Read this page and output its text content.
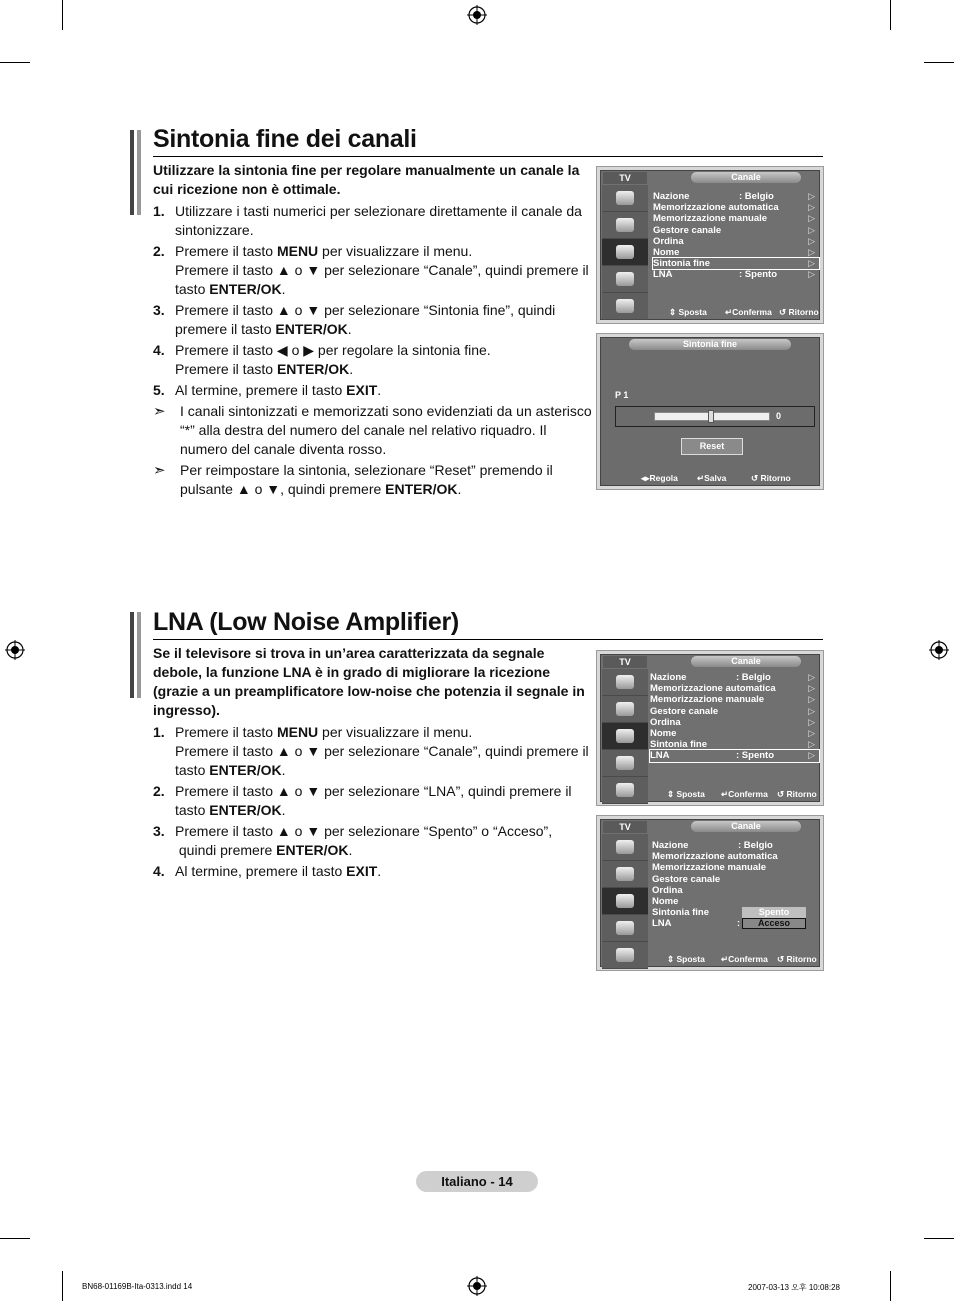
Sintonia fine dei canali

Utilizzare la sintonia fine per regolare manualmente un canale la cui ricezione non è ottimale.

1. Utilizzare i tasti numerici per selezionare direttamente il canale da sintonizzare.
2. Premere il tasto MENU per visualizzare il menu.
Premere il tasto ▲ o ▼ per selezionare “Canale”, quindi premere il tasto ENTER/OK.
3. Premere il tasto ▲ o ▼ per selezionare “Sintonia fine”, quindi premere il tasto ENTER/OK.
4. Premere il tasto ◀ o ▶ per regolare la sintonia fine.
Premere il tasto ENTER/OK.
5. Al termine, premere il tasto EXIT.
➣ I canali sintonizzati e memorizzati sono evidenziati da un asterisco “*” alla destra del numero del canale nel relativo riquadro. Il numero del canale diventa rosso.
➣ Per reimpostare la sintonia, selezionare “Reset” premendo il pulsante ▲ o ▼, quindi premere ENTER/OK.
TV	Canale
Nazione	: Belgio	▷
Memorizzazione automatica	▷
Memorizzazione manuale	▷
Gestore canale	▷
Ordina	▷
Nome	▷
Sintonia fine	▷
LNA	: Spento	▷
⇕ Sposta ↵Conferma ↺ Ritorno
Sintonia fine
P 1
0
Reset
◂▸Regola ↵Salva	↺ Ritorno
LNA (Low Noise Amplifier)

Se il televisore si trova in un’area caratterizzata da segnale debole, la funzione LNA è in grado di migliorare la ricezione (grazie a un preamplificatore low-noise che potenzia il segnale in ingresso).

1. Premere il tasto MENU per visualizzare il menu.
Premere il tasto ▲ o ▼ per selezionare “Canale”, quindi premere il tasto ENTER/OK.
2. Premere il tasto ▲ o ▼ per selezionare “LNA”, quindi premere il tasto ENTER/OK.
3. Premere il tasto ▲ o ▼ per selezionare “Spento” o “Acceso”,
quindi premere ENTER/OK.
4. Al termine, premere il tasto EXIT.
TV	Canale
Nazione	: Belgio	▷
Memorizzazione automatica	▷
Memorizzazione manuale	▷
Gestore canale	▷
Ordina	▷
Nome	▷
Sintonia fine	▷
LNA	: Spento	▷
⇕ Sposta ↵Conferma ↺ Ritorno
TV	Canale
Nazione	: Belgio
Memorizzazione automatica
Memorizzazione manuale
Gestore canale
Ordina
Nome
Sintonia fine
LNA
Spento
:	Acceso
⇕ Sposta ↵Conferma ↺ Ritorno
Italiano - 14
BN68-01169B-Ita-0313.indd 14	2007-03-13 오후 10:08:28
